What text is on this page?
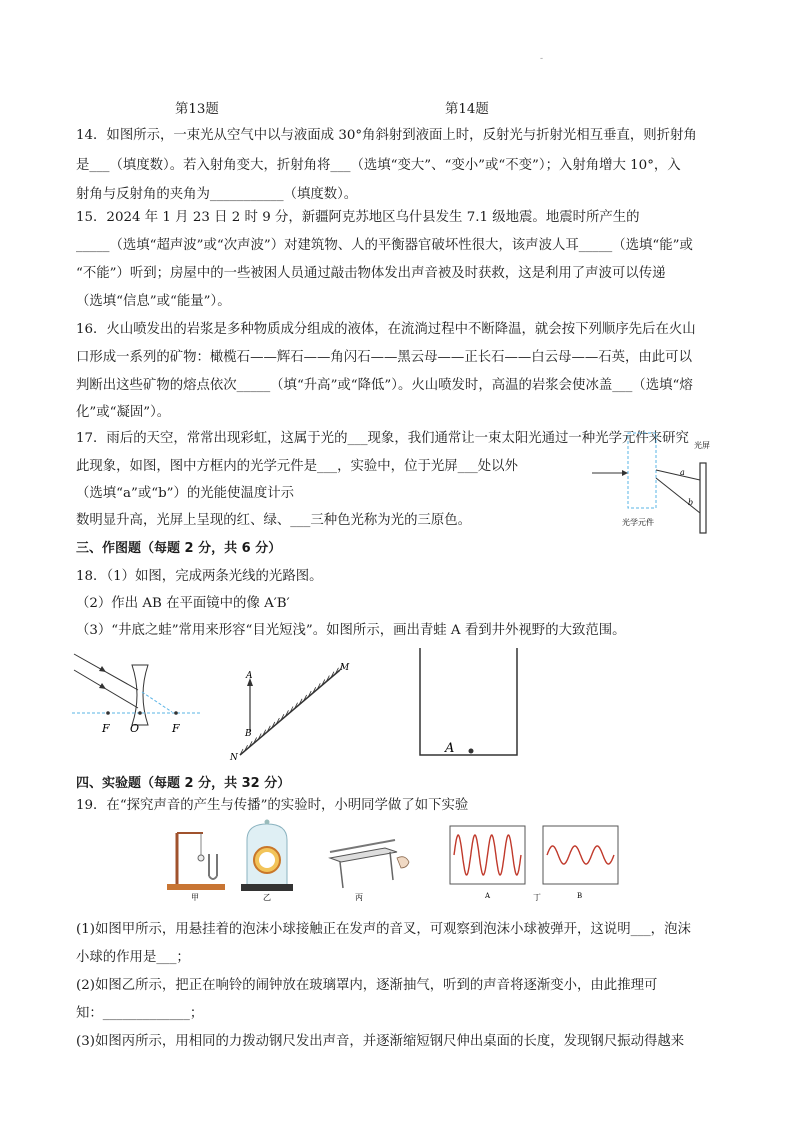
-
第13题	第14题
14．如图所示，一束光从空气中以与液面成 30°角斜射到液面上时，反射光与折射光相互垂直，则折射角
是___（填度数）。若入射角变大，折射角将___（选填“变大”、“变小”或“不变”）；入射角增大 10°，入
射角与反射角的夹角为___________（填度数）。
15．2024 年 1 月 23 日 2 时 9 分，新疆阿克苏地区乌什县发生 7.1 级地震。地震时所产生的
_____（选填“超声波”或“次声波”）对建筑物、人的平衡器官破坏性很大，该声波人耳_____（选填“能”或
“不能”）听到；房屋中的一些被困人员通过敲击物体发出声音被及时获救，这是利用了声波可以传递
（选填“信息”或“能量”）。
16．火山喷发出的岩浆是多种物质成分组成的液体，在流淌过程中不断降温，就会按下列顺序先后在火山
口形成一系列的矿物：橄榄石——辉石——角闪石——黑云母——正长石——白云母——石英，由此可以
判断出这些矿物的熔点依次_____（填“升高”或“降低”）。火山喷发时，高温的岩浆会使冰盖___（选填“熔
化”或“凝固”）。
17．雨后的天空，常常出现彩虹，这属于光的___现象，我们通常让一束太阳光通过一种光学元件来研究
此现象，如图，图中方框内的光学元件是___，实验中，位于光屏___处以外
（选填“a”或“b”）的光能使温度计示
数明显升高，光屏上呈现的红、绿、___三种色光称为光的三原色。
光屏
a
b
光学元件
三、作图题（每题 2 分，共 6 分）
18．（1）如图，完成两条光线的光路图。
（2）作出 AB 在平面镜中的像 A′B′
（3）“井底之蛙”常用来形容“目光短浅”。如图所示，画出青蛙 A 看到井外视野的大致范围。
F O	F
A
B
M
N
A
四、实验题（每题 2 分，共 32 分）
19．在“探究声音的产生与传播”的实验时，小明同学做了如下实验
甲	乙	丙	A	B
丁
(1)如图甲所示，用悬挂着的泡沫小球接触正在发声的音叉，可观察到泡沫小球被弹开，这说明___，泡沫
小球的作用是___；
(2)如图乙所示，把正在响铃的闹钟放在玻璃罩内，逐渐抽气，听到的声音将逐渐变小，由此推理可
知：_____________；
(3)如图丙所示，用相同的力拨动钢尺发出声音，并逐渐缩短钢尺伸出桌面的长度，发现钢尺振动得越来
